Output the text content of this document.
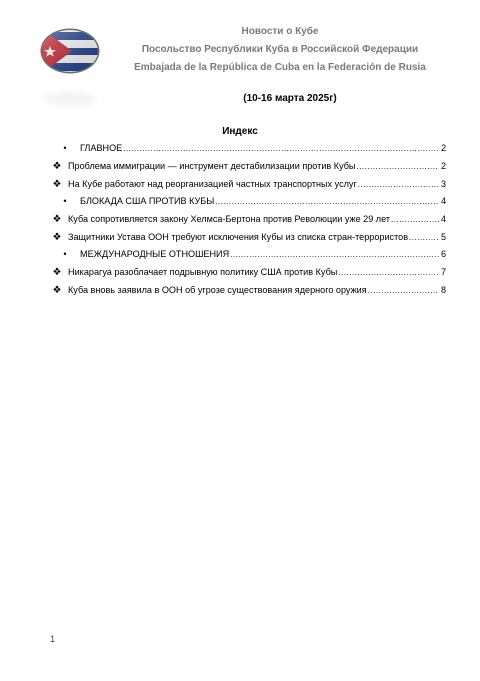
Новости о Кубе
Посольство Республики Куба в Российской Федерации
Embajada de la República de Cuba en la Federación de Rusia
(10-16 марта 2025г)
Индекс
•	ГЛАВНОЕ .....	2
❖ Проблема иммиграции — инструмент дестабилизации против Кубы .....	2
❖ На Кубе работают над реорганизацией частных транспортных услуг .....	3
•	БЛОКАДА США ПРОТИВ КУБЫ .....	4
❖ Куба сопротивляется закону Хелмса-Бертона против Революции уже 29 лет .....	4
❖ Защитники Устава ООН требуют исключения Кубы из списка стран-террористов .....	5
•	МЕЖДУНАРОДНЫЕ ОТНОШЕНИЯ .....	6
❖ Никарагуа разоблачает подрывную политику США против Кубы .....	7
❖ Куба вновь заявила в ООН об угрозе существования ядерного оружия .....	8
1
